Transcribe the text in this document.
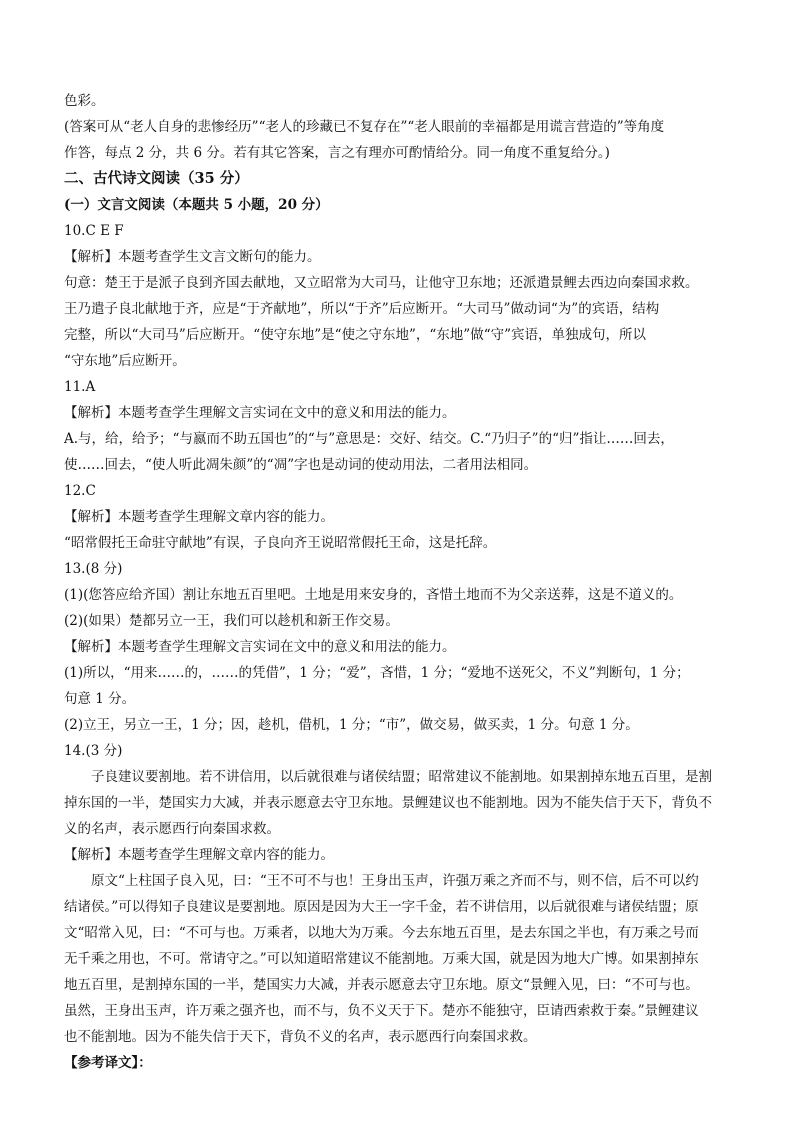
色彩。
(答案可从“老人自身的悲惨经历”“老人的珍藏已不复存在”“老人眼前的幸福都是用谎言营造的”等角度
作答，每点 2 分，共 6 分。若有其它答案，言之有理亦可酌情给分。同一角度不重复给分。)
二、古代诗文阅读（35 分）
(一）文言文阅读（本题共 5 小题，20 分）
10.C E F
【解析】本题考查学生文言文断句的能力。
句意：楚王于是派子良到齐国去献地，又立昭常为大司马，让他守卫东地；还派遣景鲤去西边向秦国求救。
王乃遣子良北献地于齐，应是“于齐献地”，所以“于齐”后应断开。“大司马”做动词“为”的宾语，结构
完整，所以“大司马”后应断开。“使守东地”是“使之守东地”，“东地”做“守”宾语，单独成句，所以
“守东地”后应断开。
11.A
【解析】本题考查学生理解文言实词在文中的意义和用法的能力。
A.与，给，给予；“与嬴而不助五国也”的“与”意思是：交好、结交。C.“乃归子”的“归”指让……回去，
使……回去，“使人听此凋朱颜”的“凋”字也是动词的使动用法，二者用法相同。
12.C
【解析】本题考查学生理解文章内容的能力。
“昭常假托王命驻守献地”有误，子良向齐王说昭常假托王命，这是托辞。
13.(8 分)
(1)(您答应给齐国）割让东地五百里吧。土地是用来安身的，吝惜土地而不为父亲送葬，这是不道义的。
(2)(如果）楚都另立一王，我们可以趁机和新王作交易。
【解析】本题考查学生理解文言实词在文中的意义和用法的能力。
(1)所以，“用来……的，……的凭借”，1 分；“爱”，吝惜，1 分；“爱地不送死父，不义”判断句，1 分；
句意 1 分。
(2)立王，另立一王，1 分；因，趁机，借机，1 分；“市”，做交易，做买卖，1 分。句意 1 分。
14.(3 分)
子良建议要割地。若不讲信用，以后就很难与诸侯结盟；昭常建议不能割地。如果割掉东地五百里，是割
掉东国的一半，楚国实力大减，并表示愿意去守卫东地。景鲤建议也不能割地。因为不能失信于天下，背负不
义的名声，表示愿西行向秦国求救。
【解析】本题考查学生理解文章内容的能力。
原文“上柱国子良入见，曰：“王不可不与也！王身出玉声，许强万乘之齐而不与，则不信，后不可以约
结诸侯。”可以得知子良建议是要割地。原因是因为大王一字千金，若不讲信用，以后就很难与诸侯结盟；原
文“昭常入见，曰：“不可与也。万乘者，以地大为万乘。今去东地五百里，是去东国之半也，有万乘之号而
无千乘之用也，不可。常请守之。”可以知道昭常建议不能割地。万乘大国，就是因为地大广博。如果割掉东
地五百里，是割掉东国的一半，楚国实力大减，并表示愿意去守卫东地。原文“景鲤入见，曰：“不可与也。
虽然，王身出玉声，许万乘之强齐也，而不与，负不义天于下。楚亦不能独守，臣请西索救于秦。”景鲤建议
也不能割地。因为不能失信于天下，背负不义的名声，表示愿西行向秦国求救。
【参考译文】：
